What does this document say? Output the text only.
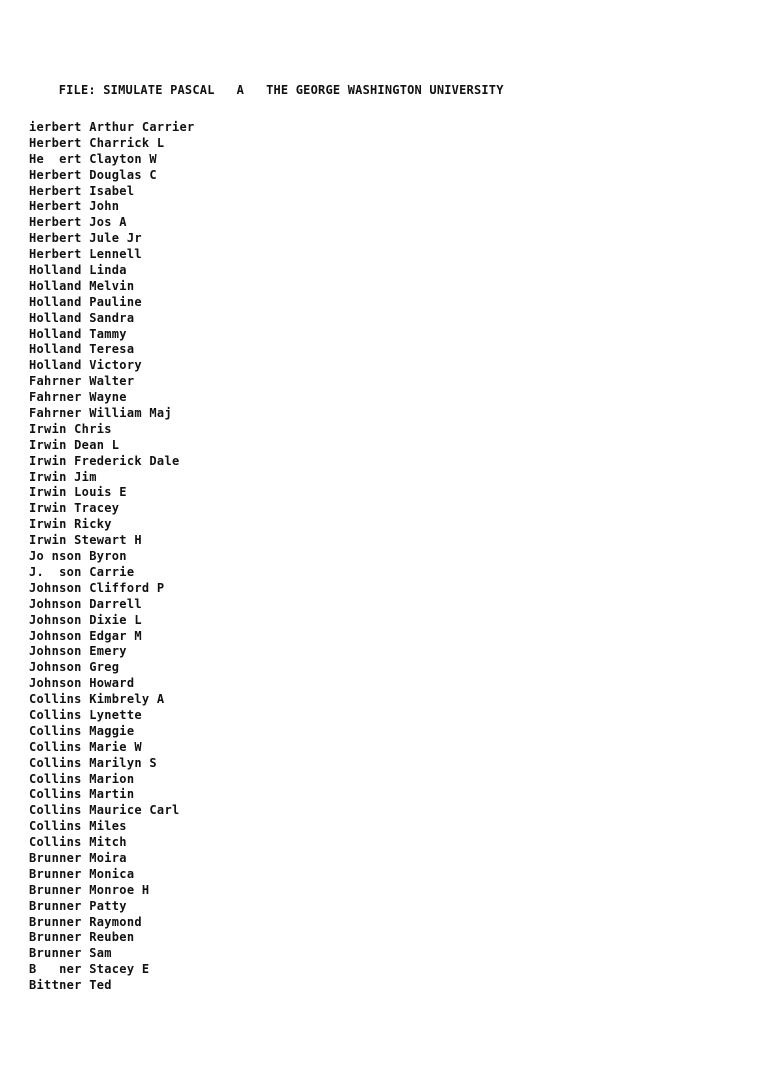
FILE: SIMULATE PASCAL A THE GEORGE WASHINGTON UNIVERSITY

ierbert Arthur Carrier
Herbert Charrick L
He  ert Clayton W
Herbert Douglas C
Herbert Isabel
Herbert John
Herbert Jos A
Herbert Jule Jr
Herbert Lennell
Holland Linda
Holland Melvin
Holland Pauline
Holland Sandra
Holland Tammy
Holland Teresa
Holland Victory
Fahrner Walter
Fahrner Wayne
Fahrner William Maj
Irwin Chris
Irwin Dean L
Irwin Frederick Dale
Irwin Jim
Irwin Louis E
Irwin Tracey
Irwin Ricky
Irwin Stewart H
Jo nson Byron
J.  son Carrie
Johnson Clifford P
Johnson Darrell
Johnson Dixie L
Johnson Edgar M
Johnson Emery
Johnson Greg
Johnson Howard
Collins Kimbrely A
Collins Lynette
Collins Maggie
Collins Marie W
Collins Marilyn S
Collins Marion
Collins Martin
Collins Maurice Carl
Collins Miles
Collins Mitch
Brunner Moira
Brunner Monica
Brunner Monroe H
Brunner Patty
Brunner Raymond
Brunner Reuben
Brunner Sam
B   ner Stacey E
Bittner Ted
